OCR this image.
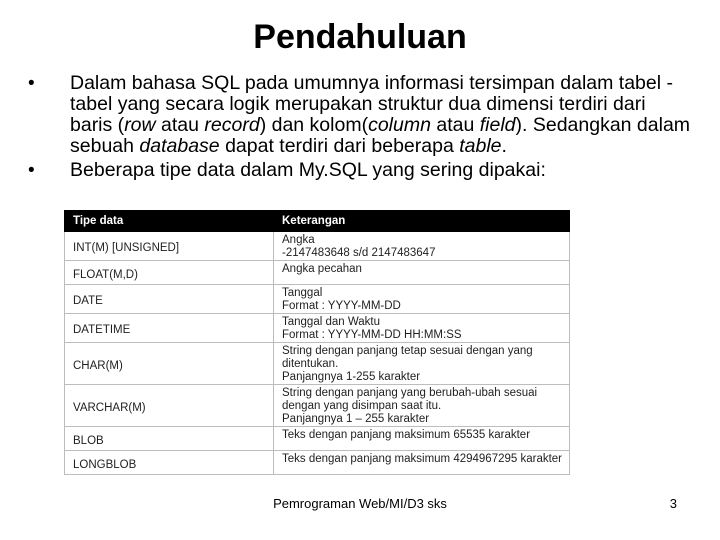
Pendahuluan
• Dalam bahasa SQL pada umumnya informasi tersimpan dalam tabel -tabel yang secara logik merupakan struktur dua dimensi terdiri dari baris (row atau record) dan kolom(column atau field). Sedangkan dalam sebuah database dapat terdiri dari beberapa table.
• Beberapa tipe data dalam My.SQL yang sering dipakai:
Tipe data	Keterangan
INT(M) [UNSIGNED]	Angka
-2147483648 s/d 2147483647

FLOAT(M,D)	Angka pecahan

DATE	Tanggal
Format : YYYY-MM-DD

DATETIME	Tanggal dan Waktu
Format : YYYY-MM-DD HH:MM:SS

CHAR(M)	String dengan panjang tetap sesuai dengan yang ditentukan.
Panjangnya 1-255 karakter

VARCHAR(M)	String dengan panjang yang berubah-ubah sesuai dengan yang disimpan saat itu.
Panjangnya 1 – 255 karakter

BLOB	Teks dengan panjang maksimum 65535 karakter

LONGBLOB	Teks dengan panjang maksimum 4294967295 karakter
Pemrograman Web/MI/D3 sks	3
